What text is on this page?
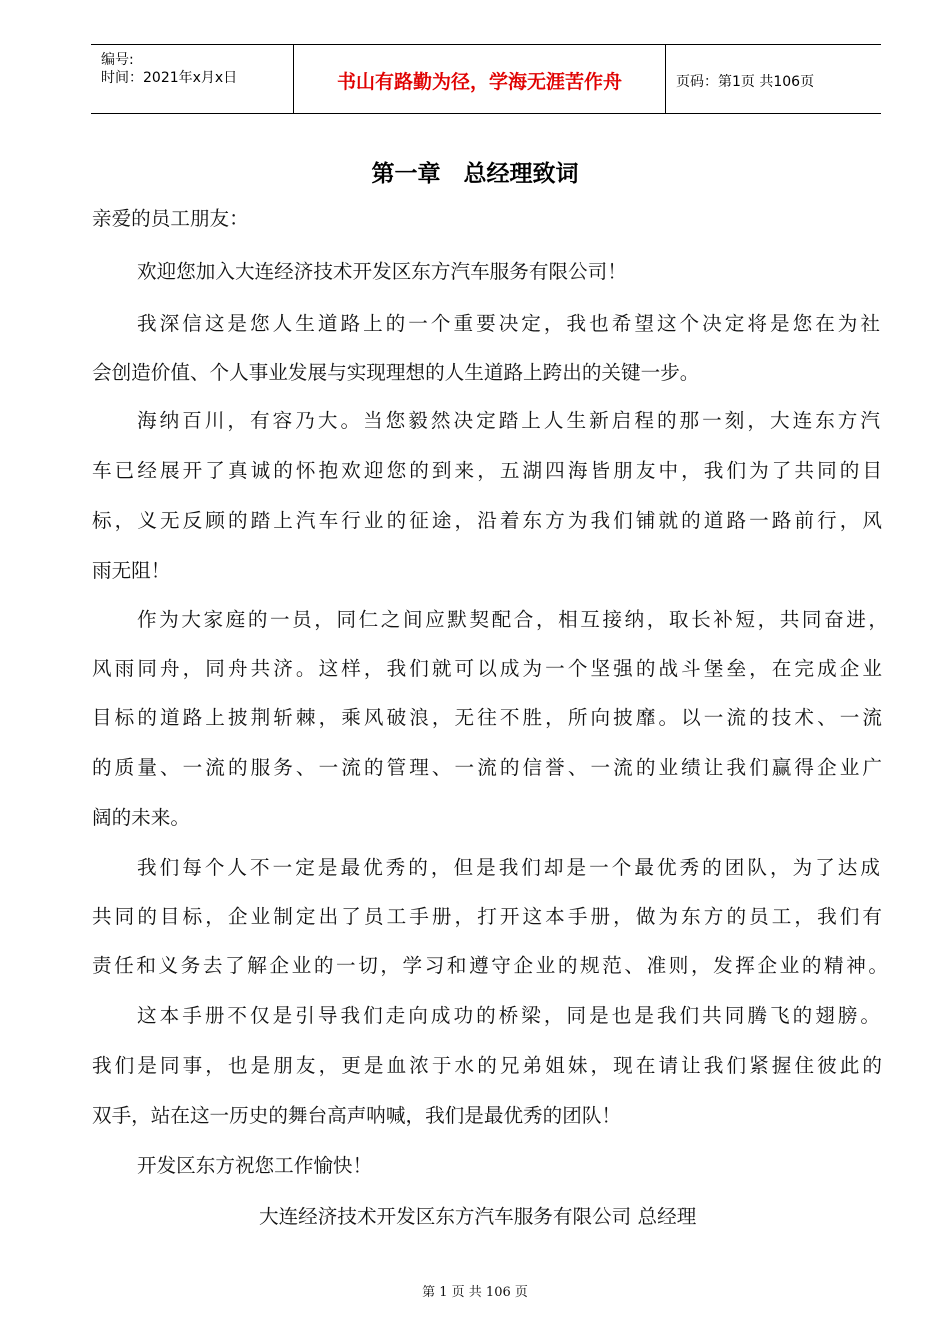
编号:
时间：2021年x月x日	书山有路勤为径，学海无涯苦作舟	页码：第1页 共106页
第一章　总经理致词
亲爱的员工朋友：
欢迎您加入大连经济技术开发区东方汽车服务有限公司！
我深信这是您人生道路上的一个重要决定，我也希望这个决定将是您在为社
会创造价值、个人事业发展与实现理想的人生道路上跨出的关键一步。
海纳百川，有容乃大。当您毅然决定踏上人生新启程的那一刻，大连东方汽
车已经展开了真诚的怀抱欢迎您的到来，五湖四海皆朋友中，我们为了共同的目
标，义无反顾的踏上汽车行业的征途，沿着东方为我们铺就的道路一路前行，风
雨无阻！
作为大家庭的一员，同仁之间应默契配合，相互接纳，取长补短，共同奋进，
风雨同舟，同舟共济。这样，我们就可以成为一个坚强的战斗堡垒，在完成企业
目标的道路上披荆斩棘，乘风破浪，无往不胜，所向披靡。以一流的技术、一流
的质量、一流的服务、一流的管理、一流的信誉、一流的业绩让我们赢得企业广
阔的未来。
我们每个人不一定是最优秀的，但是我们却是一个最优秀的团队，为了达成
共同的目标，企业制定出了员工手册，打开这本手册，做为东方的员工，我们有
责任和义务去了解企业的一切，学习和遵守企业的规范、准则，发挥企业的精神。
这本手册不仅是引导我们走向成功的桥梁，同是也是我们共同腾飞的翅膀。
我们是同事，也是朋友，更是血浓于水的兄弟姐妹，现在请让我们紧握住彼此的
双手，站在这一历史的舞台高声呐喊，我们是最优秀的团队！
开发区东方祝您工作愉快！
大连经济技术开发区东方汽车服务有限公司 总经理
第 1 页 共 106 页
